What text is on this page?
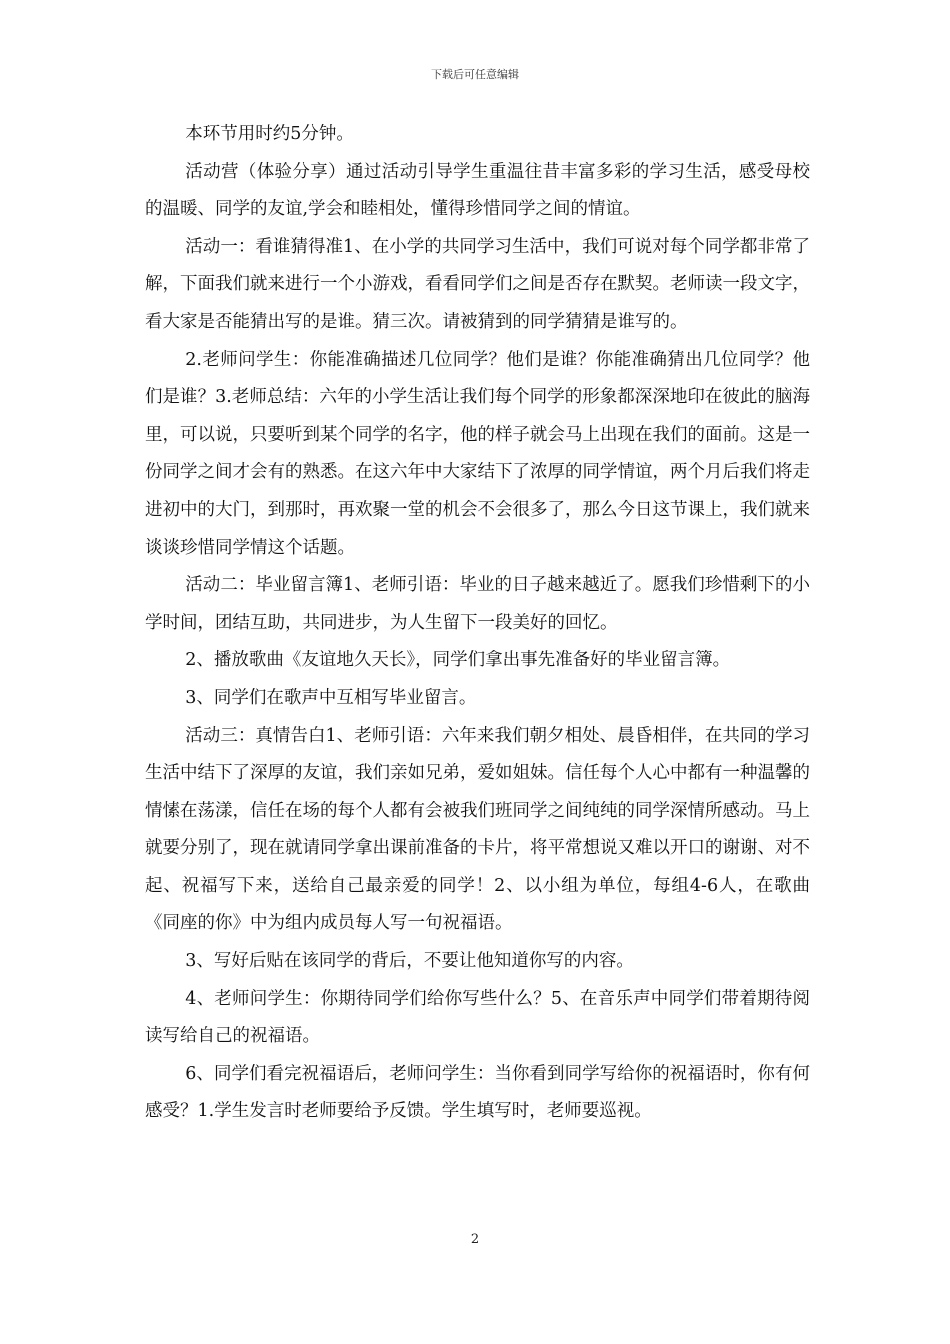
下载后可任意编辑

本环节用时约5分钟。

活动营（体验分享）通过活动引导学生重温往昔丰富多彩的学习生活，感受母校的温暖、同学的友谊,学会和睦相处，懂得珍惜同学之间的情谊。

活动一：看谁猜得准1、在小学的共同学习生活中，我们可说对每个同学都非常了解，下面我们就来进行一个小游戏，看看同学们之间是否存在默契。老师读一段文字，看大家是否能猜出写的是谁。猜三次。请被猜到的同学猜猜是谁写的。

2.老师问学生：你能准确描述几位同学？他们是谁？你能准确猜出几位同学？他们是谁？3.老师总结：六年的小学生活让我们每个同学的形象都深深地印在彼此的脑海里，可以说，只要听到某个同学的名字，他的样子就会马上出现在我们的面前。这是一份同学之间才会有的熟悉。在这六年中大家结下了浓厚的同学情谊，两个月后我们将走进初中的大门，到那时，再欢聚一堂的机会不会很多了，那么今日这节课上，我们就来谈谈珍惜同学情这个话题。

活动二：毕业留言簿1、老师引语：毕业的日子越来越近了。愿我们珍惜剩下的小学时间，团结互助，共同进步，为人生留下一段美好的回忆。

2、播放歌曲《友谊地久天长》，同学们拿出事先准备好的毕业留言簿。

3、同学们在歌声中互相写毕业留言。

活动三：真情告白1、老师引语：六年来我们朝夕相处、晨昏相伴，在共同的学习生活中结下了深厚的友谊，我们亲如兄弟，爱如姐妹。信任每个人心中都有一种温馨的情愫在荡漾，信任在场的每个人都有会被我们班同学之间纯纯的同学深情所感动。马上就要分别了，现在就请同学拿出课前准备的卡片，将平常想说又难以开口的谢谢、对不起、祝福写下来，送给自己最亲爱的同学！2、以小组为单位，每组4-6人，在歌曲《同座的你》中为组内成员每人写一句祝福语。

3、写好后贴在该同学的背后，不要让他知道你写的内容。

4、老师问学生：你期待同学们给你写些什么？5、在音乐声中同学们带着期待阅读写给自己的祝福语。

6、同学们看完祝福语后，老师问学生：当你看到同学写给你的祝福语时，你有何感受？1.学生发言时老师要给予反馈。学生填写时，老师要巡视。

2
